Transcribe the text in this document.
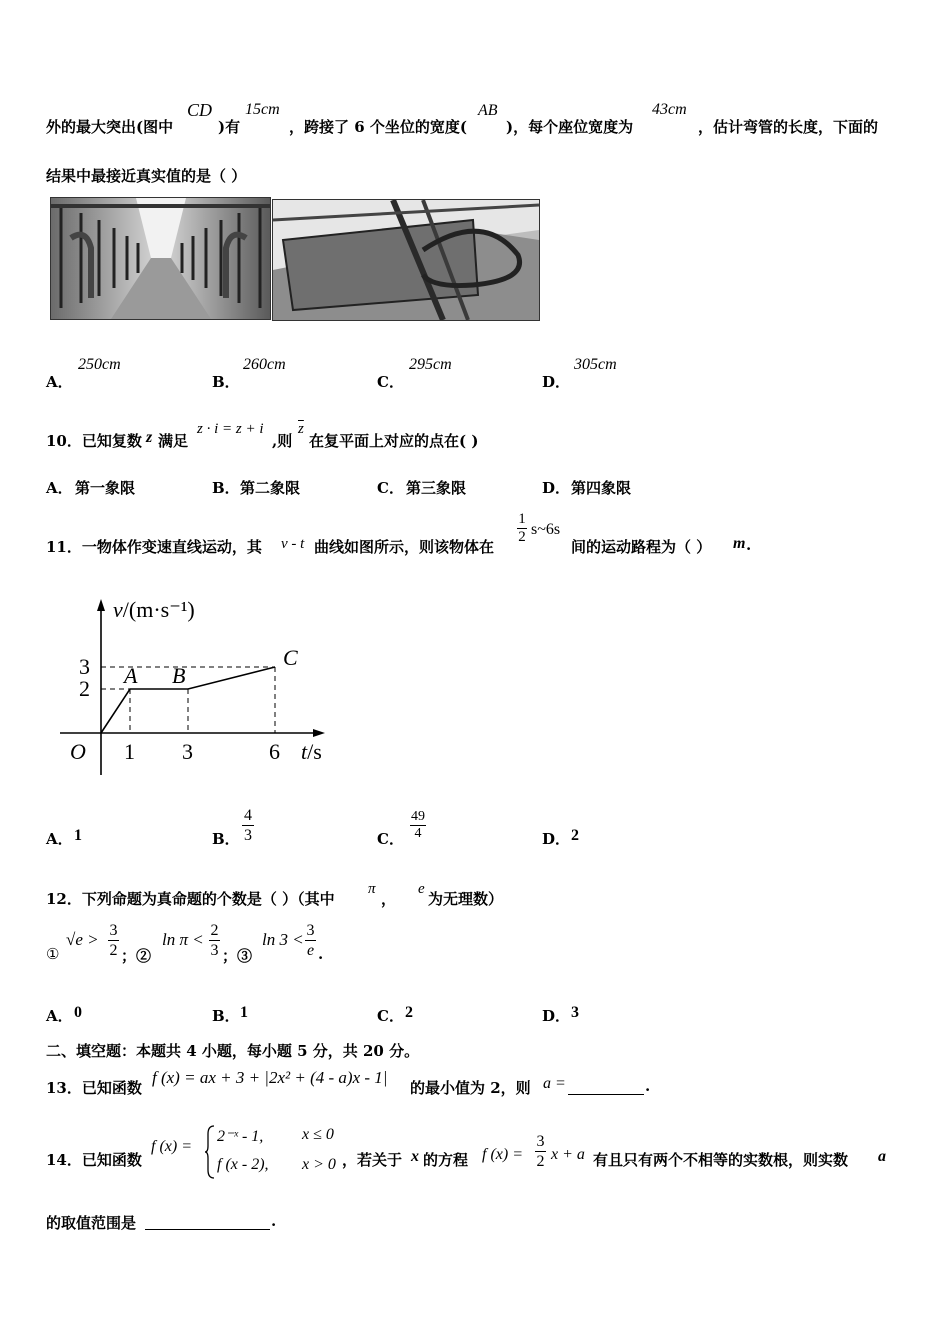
外的最大突出(图中
CD
)有
15cm
，跨接了 6 个坐位的宽度(
AB
)，每个座位宽度为
43cm
，估计弯管的长度，下面的
结果中最接近真实值的是（ ）
A．
250cm
B．
260cm
C．
295cm
D．
305cm
10．已知复数 z 满足
z · i = z + i
,则
$\overline{z}$
在复平面上对应的点在( )
A． 第一象限	B． 第二象限	C． 第三象限	D． 第四象限
11．一物体作变速直线运动，其 v - t 曲线如图所示，则该物体在
1
2 s~6s
间的运动路程为（ ） m .
v/(m·s⁻¹)
t/s
O
3
2
1 3	6
A B
C
A． 1	B．
4
3	C．
49
4	D． 2
12．下列命题为真命题的个数是（ ）（其中
π
，
e
为无理数）
①
√e > 3
2 ；②
ln π < 2
3 ；③
ln 3 < 3
e .
A． 0	B． 1	C． 2	D． 3
二、填空题：本题共 4 小题，每小题 5 分，共 20 分。
13．已知函数
f (x) = ax + 3 + |2x² + (4 - a)x - 1|
的最小值为 2，则 a =	.
14．已知函数
f (x) =
2⁻ˣ - 1, x ≤ 0
f (x - 2), x > 0 ，若关于 x 的方程 f (x) =
3
2 x + a 有且只有两个不相等的实数根，则实数 a
的取值范围是	.
